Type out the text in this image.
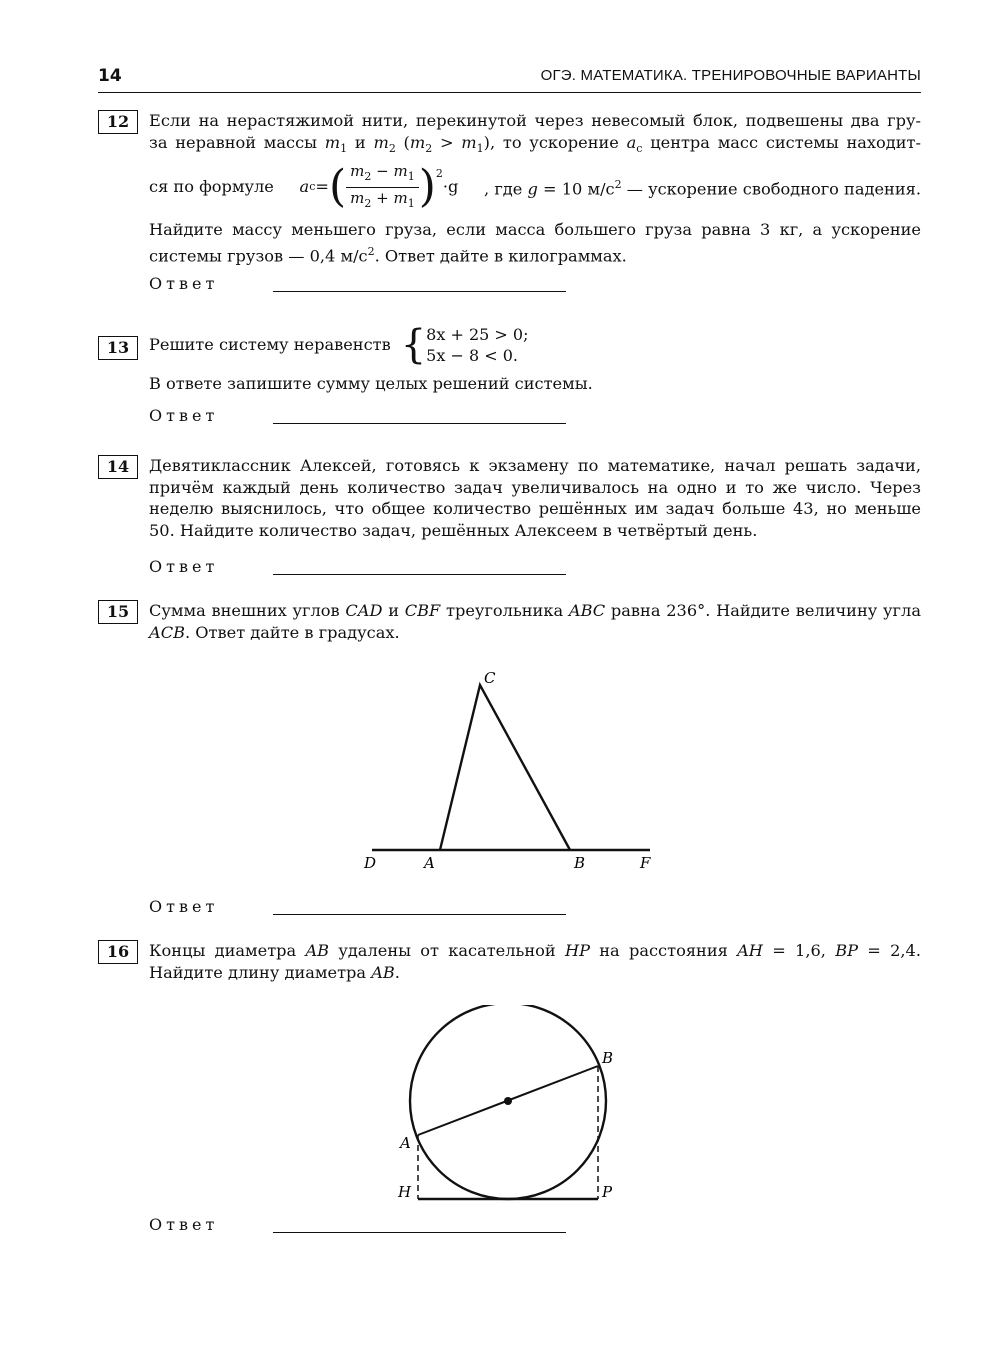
14	ОГЭ. МАТЕМАТИКА. ТРЕНИРОВОЧНЫЕ ВАРИАНТЫ
12	Если на нерастяжимой нити, перекинутой через невесомый блок, подвешены два гру-
за неравной массы $m_1$ и $m_2$ $(m_2 > m_1)$, то ускорение $a_c$ центра масс системы находит-
ся по формуле a c = ( $\frac{m_2 - m_1}{m_2 + m_1} )^2$
·g , где g = 10 $м/с^2$ — ускорение свободного падения.
Найдите массу меньшего груза, если масса большего груза равна 3 кг, а ускорение системы грузов — 0,4 $м/с^2$. Ответ дайте в килограммах.
Ответ
13	Решите систему неравенств { 8x + 25 > 0;
5x − 8 < 0.
В ответе запишите сумму целых решений системы.
Ответ
14	Девятиклассник Алексей, готовясь к экзамену по математике, начал решать задачи, причём каждый день количество задач увеличивалось на одно и то же число. Через неделю выяснилось, что общее количество решённых им задач больше 43, но меньше 50. Найдите количество задач, решённых Алексеем в четвёртый день.
Ответ
15	Сумма внешних углов CAD и CBF треугольника ABC равна 236°. Найдите величину угла ACB. Ответ дайте в градусах.
C
D	A	B	F
Ответ
16	Концы диаметра AB удалены от касательной HP на расстояния AH = 1,6, BP = 2,4.
Найдите длину диаметра AB.
A
B
H	P
Ответ
